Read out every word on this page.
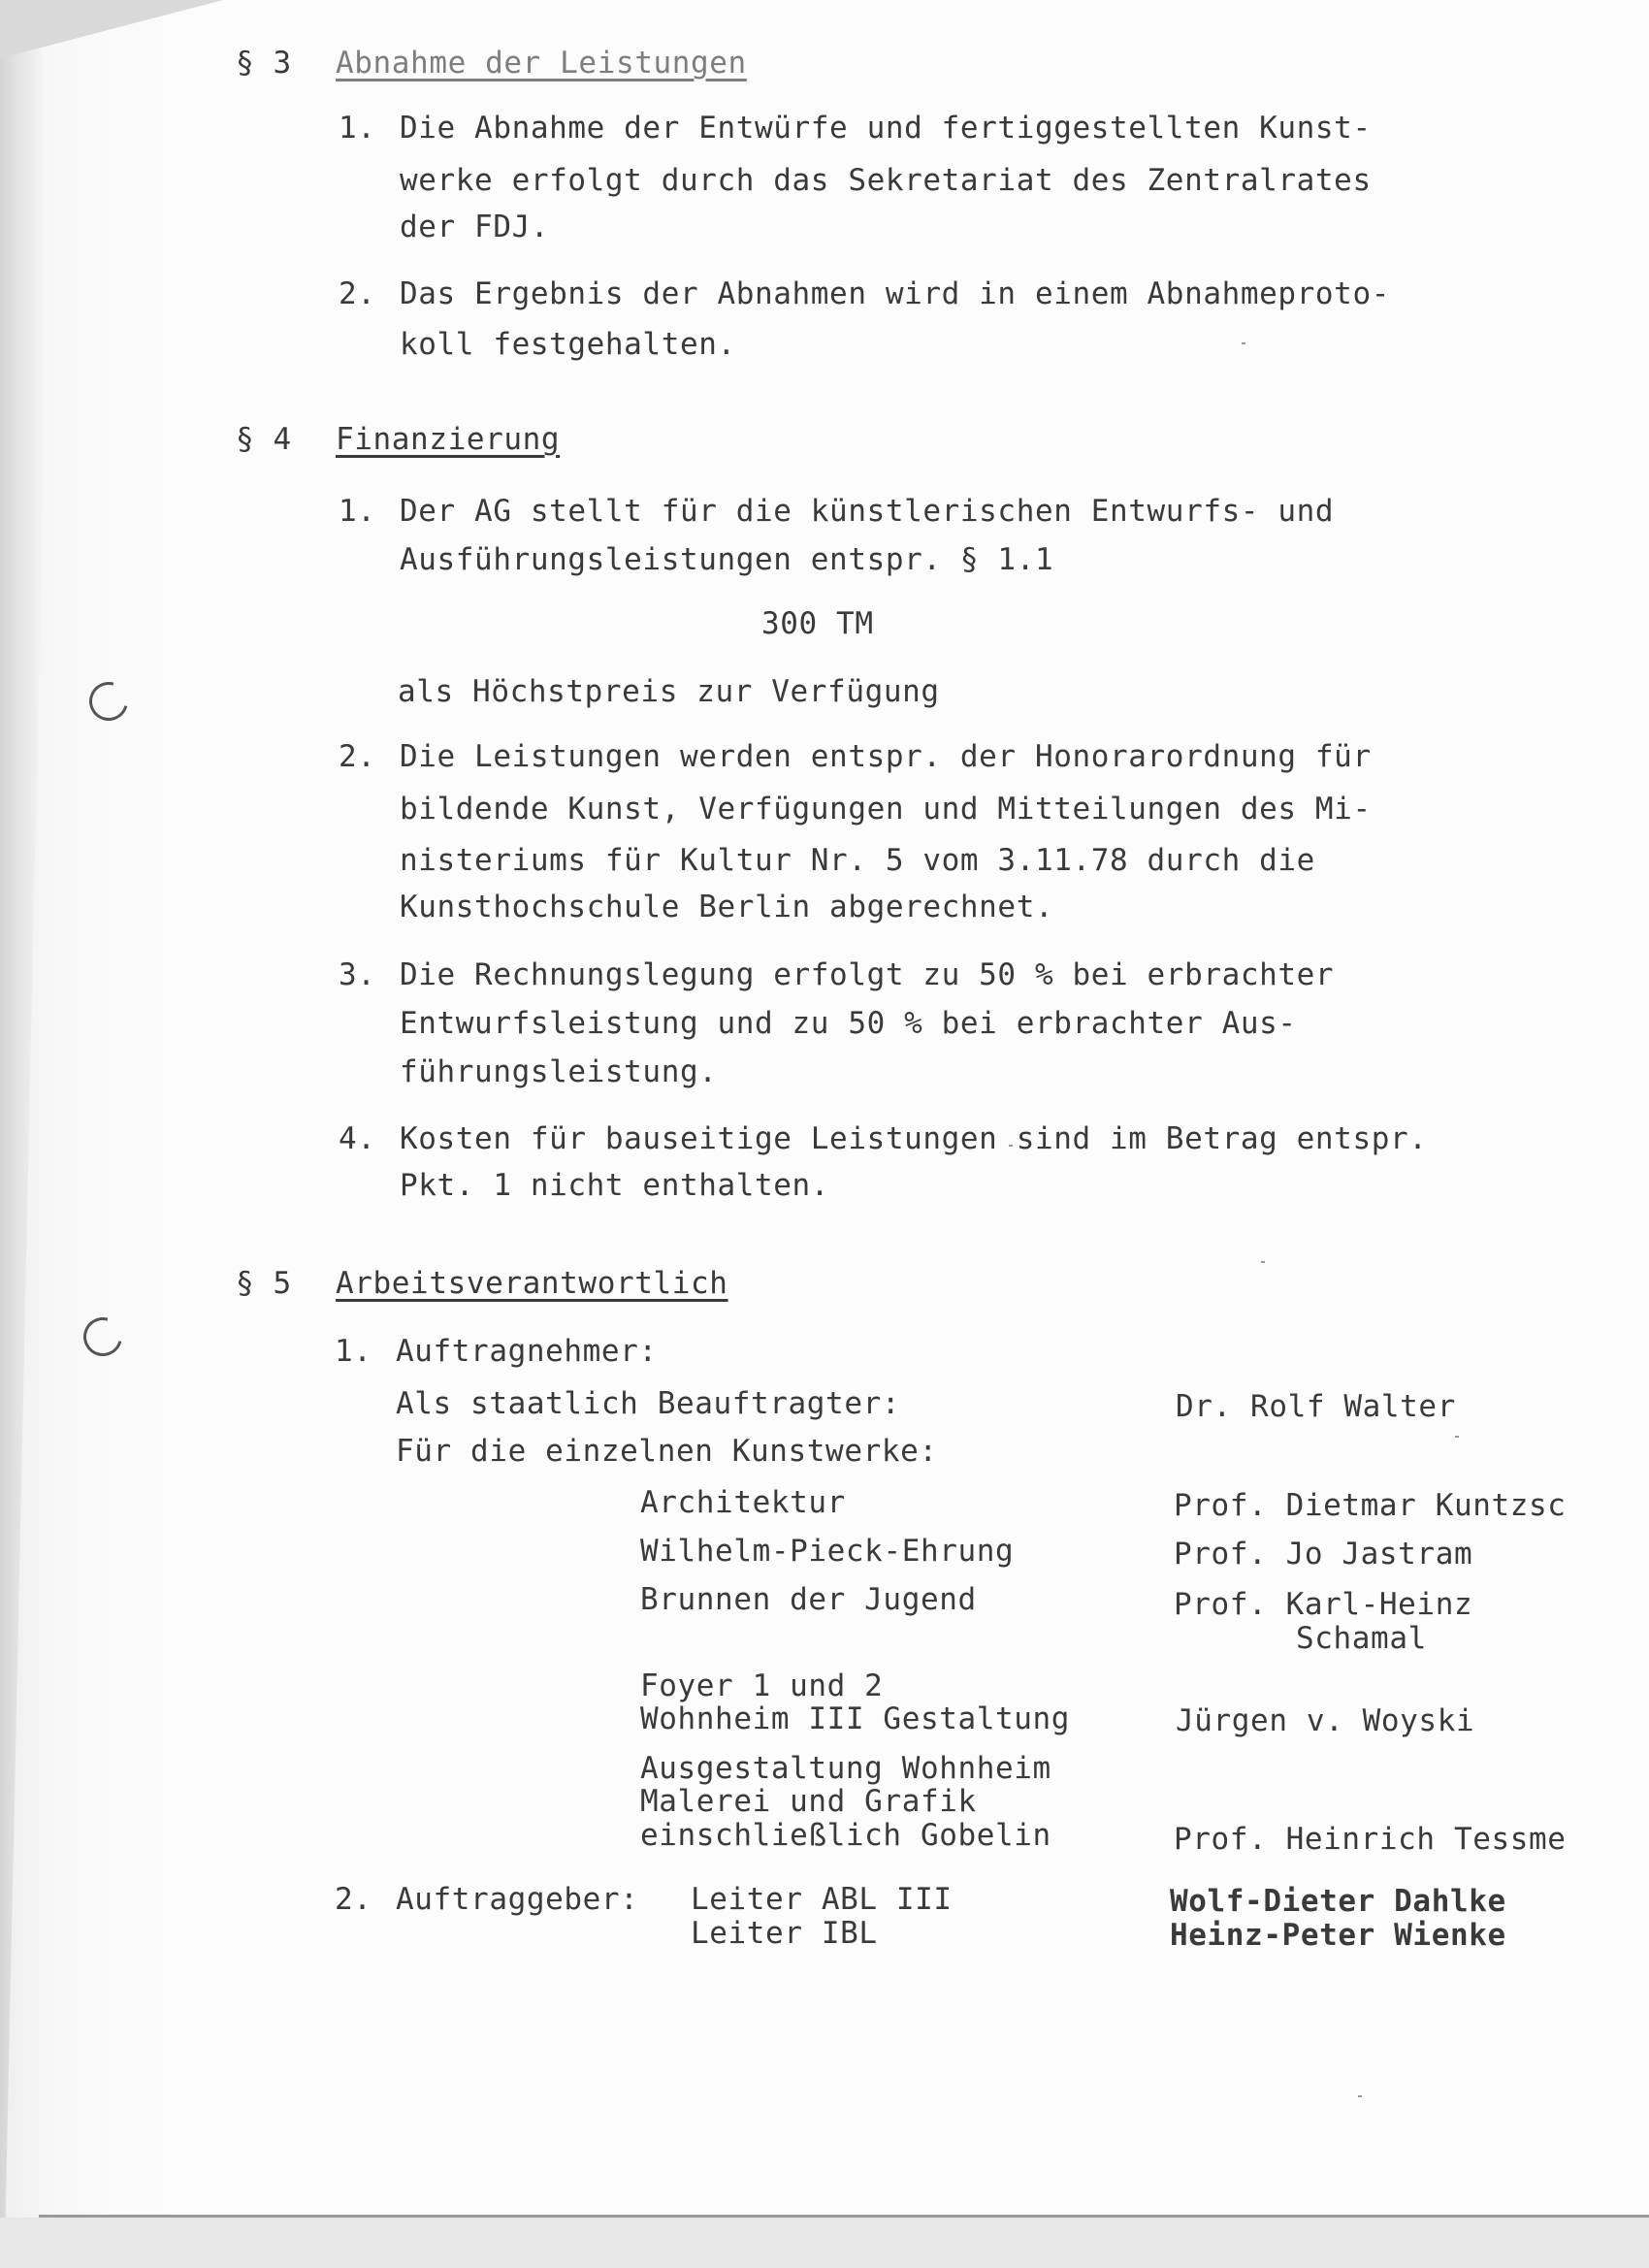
§ 3 Abnahme der Leistungen
1. Die Abnahme der Entwürfe und fertiggestellten Kunst-
werke erfolgt durch das Sekretariat des Zentralrates
der FDJ.
2. Das Ergebnis der Abnahmen wird in einem Abnahmeproto-
koll festgehalten.
§ 4 Finanzierung
1. Der AG stellt für die künstlerischen Entwurfs- und
Ausführungsleistungen entspr. § 1.1
300 TM
als Höchstpreis zur Verfügung
2. Die Leistungen werden entspr. der Honorarordnung für
bildende Kunst, Verfügungen und Mitteilungen des Mi-
nisteriums für Kultur Nr. 5 vom 3.11.78 durch die
Kunsthochschule Berlin abgerechnet.
3. Die Rechnungslegung erfolgt zu 50 % bei erbrachter
Entwurfsleistung und zu 50 % bei erbrachter Aus-
führungsleistung.
4. Kosten für bauseitige Leistungen sind im Betrag entspr.
Pkt. 1 nicht enthalten.
§ 5 Arbeitsverantwortlich
1. Auftragnehmer:
Als staatlich Beauftragter:	Dr. Rolf Walter
Für die einzelnen Kunstwerke:
Architektur	Prof. Dietmar Kuntzsc
Wilhelm-Pieck-Ehrung	Prof. Jo Jastram
Brunnen der Jugend	Prof. Karl-Heinz
Schamal
Foyer 1 und 2
Wohnheim III Gestaltung	Jürgen v. Woyski
Ausgestaltung Wohnheim
Malerei und Grafik
einschließlich Gobelin	Prof. Heinrich Tessme
2. Auftraggeber: Leiter ABL III	Wolf-Dieter Dahlke
Leiter IBL	Heinz-Peter Wienke
